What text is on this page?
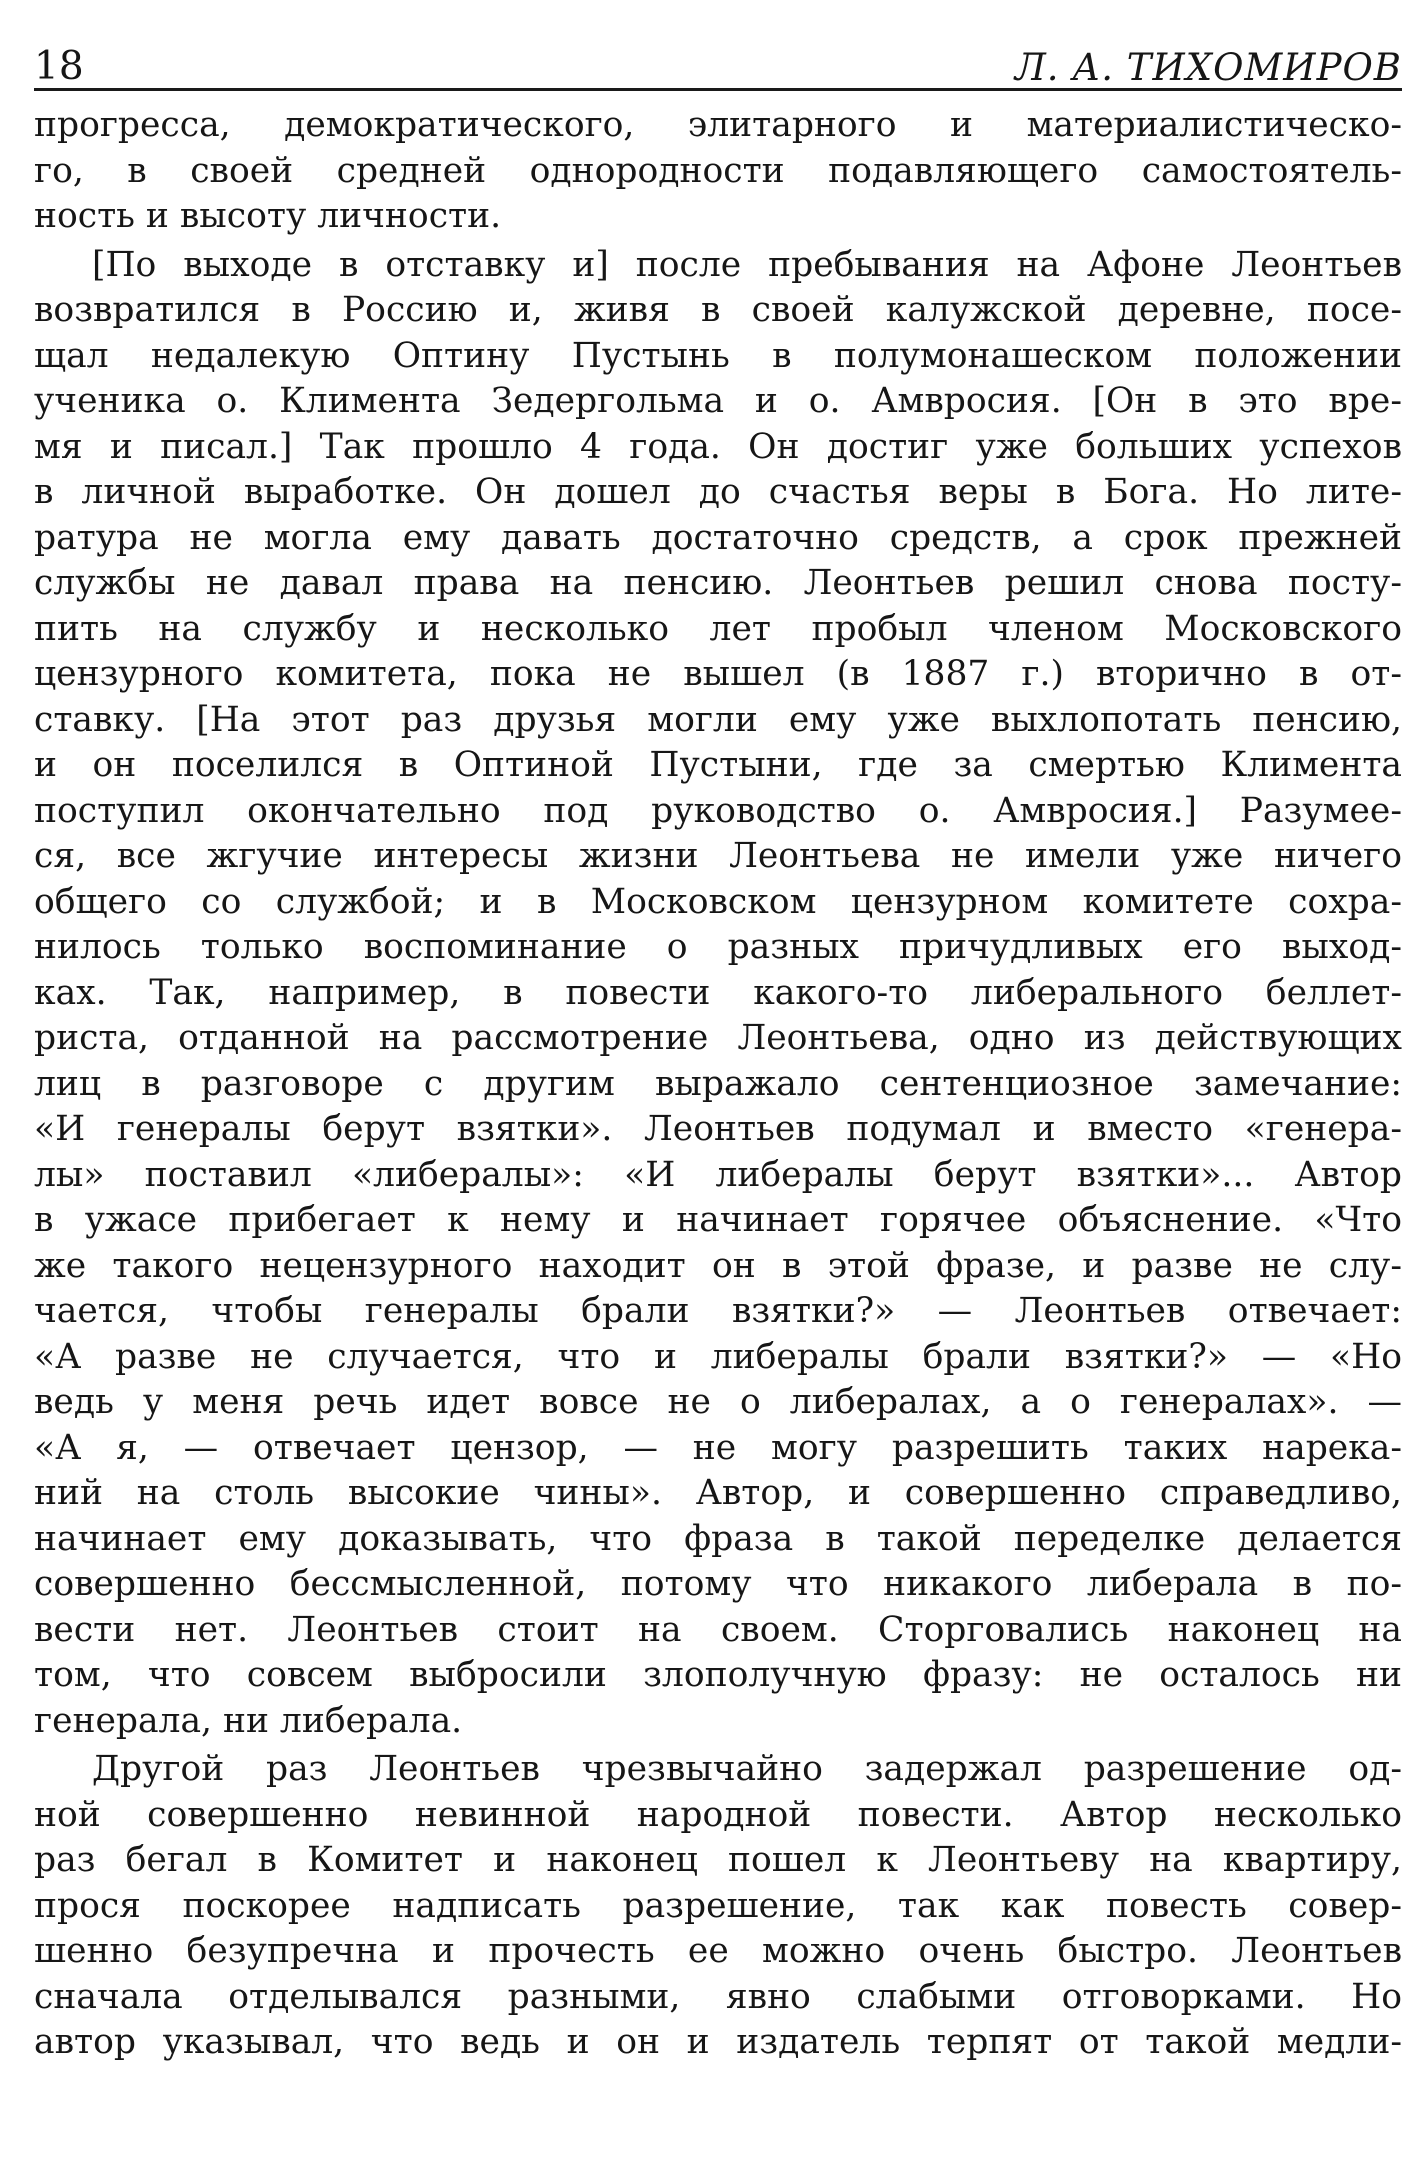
18	Л. А. ТИХОМИРОВ
прогресса, демократического, элитарного и материалистическо-
го, в своей средней однородности подавляющего самостоятель-
ность и высоту личности.
[По выходе в отставку и] после пребывания на Афоне Леонтьев
возвратился в Россию и, живя в своей калужской деревне, посе-
щал недалекую Оптину Пустынь в полумонашеском положении
ученика о. Климента Зедергольма и о. Амвросия. [Он в это вре-
мя и писал.] Так прошло 4 года. Он достиг уже больших успехов
в личной выработке. Он дошел до счастья веры в Бога. Но лите-
ратура не могла ему давать достаточно средств, а срок прежней
службы не давал права на пенсию. Леонтьев решил снова посту-
пить на службу и несколько лет пробыл членом Московского
цензурного комитета, пока не вышел (в 1887 г.) вторично в от-
ставку. [На этот раз друзья могли ему уже выхлопотать пенсию,
и он поселился в Оптиной Пустыни, где за смертью Климента
поступил окончательно под руководство о. Амвросия.] Разумее-
ся, все жгучие интересы жизни Леонтьева не имели уже ничего
общего со службой; и в Московском цензурном комитете сохра-
нилось только воспоминание о разных причудливых его выход-
ках. Так, например, в повести какого-то либерального беллет-
риста, отданной на рассмотрение Леонтьева, одно из действующих
лиц в разговоре с другим выражало сентенциозное замечание:
«И генералы берут взятки». Леонтьев подумал и вместо «генера-
лы» поставил «либералы»: «И либералы берут взятки»... Автор
в ужасе прибегает к нему и начинает горячее объяснение. «Что
же такого нецензурного находит он в этой фразе, и разве не слу-
чается, чтобы генералы брали взятки?» — Леонтьев отвечает:
«А разве не случается, что и либералы брали взятки?» — «Но
ведь у меня речь идет вовсе не о либералах, а о генералах». —
«А я, — отвечает цензор, — не могу разрешить таких нарека-
ний на столь высокие чины». Автор, и совершенно справедливо,
начинает ему доказывать, что фраза в такой переделке делается
совершенно бессмысленной, потому что никакого либерала в по-
вести нет. Леонтьев стоит на своем. Сторговались наконец на
том, что совсем выбросили злополучную фразу: не осталось ни
генерала, ни либерала.
Другой раз Леонтьев чрезвычайно задержал разрешение од-
ной совершенно невинной народной повести. Автор несколько
раз бегал в Комитет и наконец пошел к Леонтьеву на квартиру,
прося поскорее надписать разрешение, так как повесть совер-
шенно безупречна и прочесть ее можно очень быстро. Леонтьев
сначала отделывался разными, явно слабыми отговорками. Но
автор указывал, что ведь и он и издатель терпят от такой медли-
